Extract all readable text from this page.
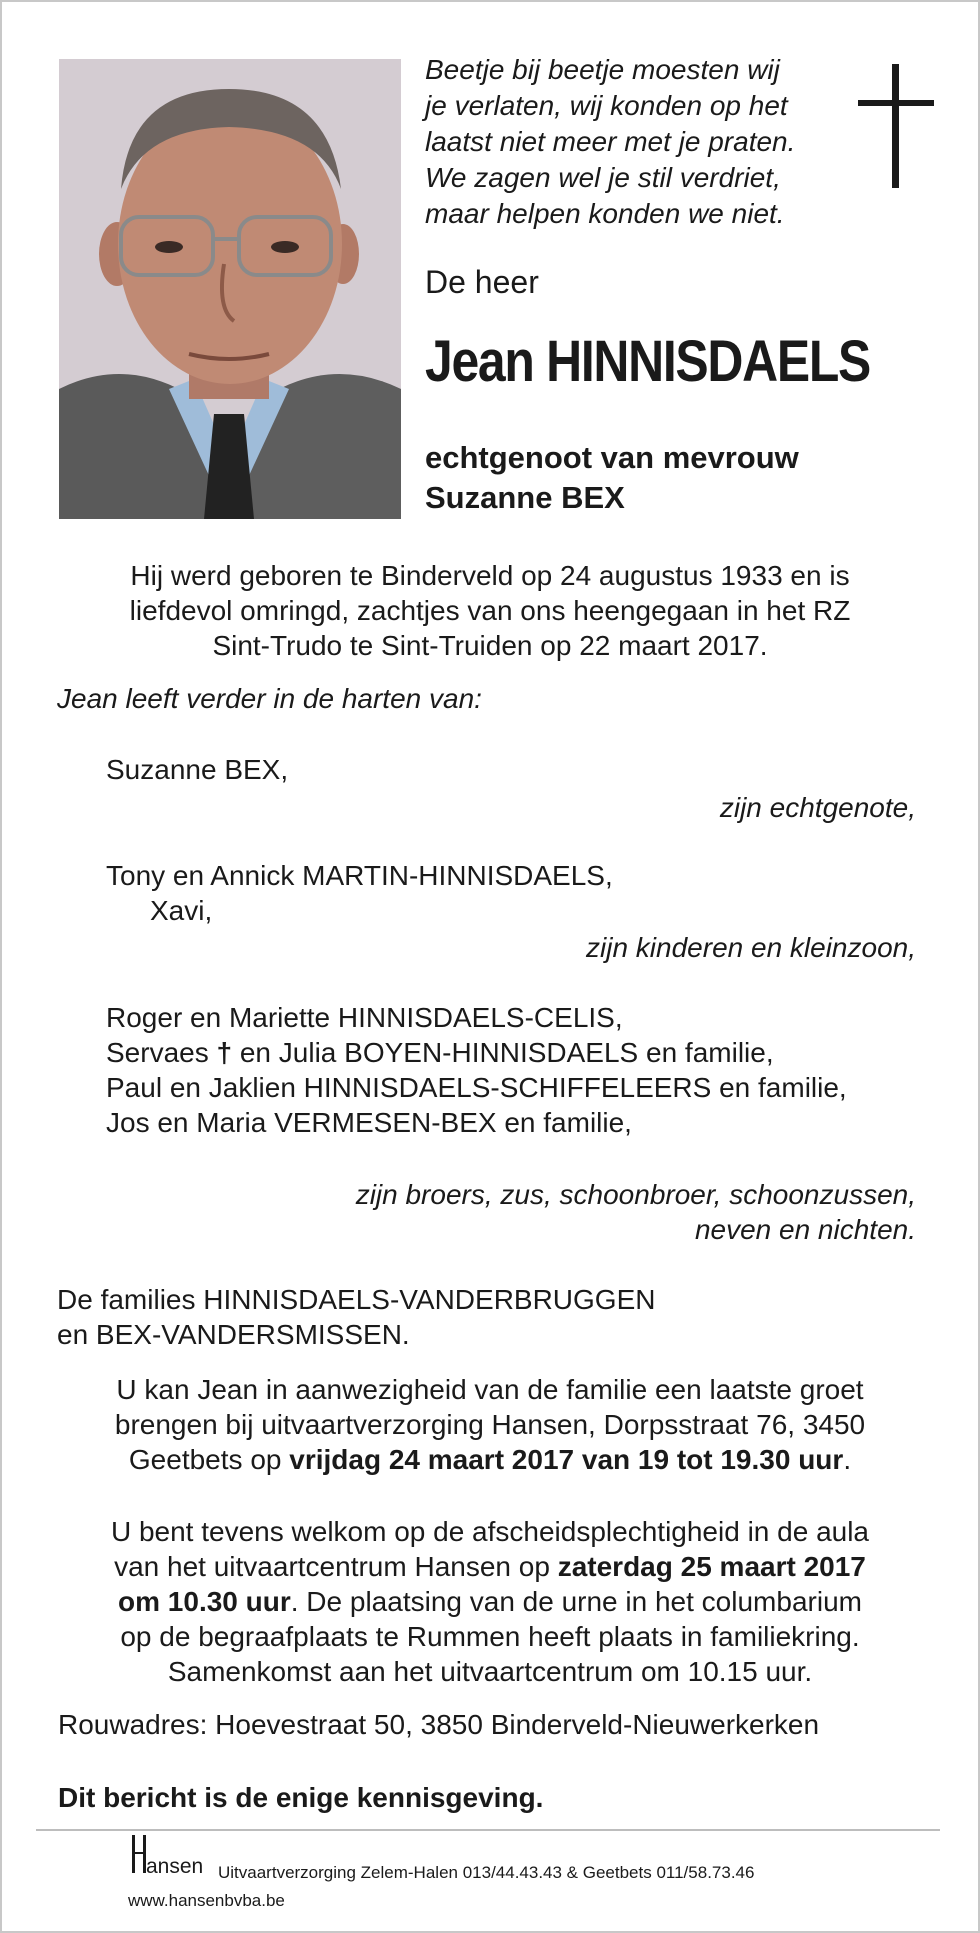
Beetje bij beetje moesten wij
je verlaten, wij konden op het
laatst niet meer met je praten.
We zagen wel je stil verdriet,
maar helpen konden we niet.
De heer
Jean HINNISDAELS
echtgenoot van mevrouw
Suzanne BEX
Hij werd geboren te Binderveld op 24 augustus 1933 en is
liefdevol omringd, zachtjes van ons heengegaan in het RZ
Sint-Trudo te Sint-Truiden op 22 maart 2017.
Jean leeft verder in de harten van:
Suzanne BEX,
zijn echtgenote,
Tony en Annick MARTIN-HINNISDAELS,
Xavi,
zijn kinderen en kleinzoon,
Roger en Mariette HINNISDAELS-CELIS,
Servaes † en Julia BOYEN-HINNISDAELS en familie,
Paul en Jaklien HINNISDAELS-SCHIFFELEERS en familie,
Jos en Maria VERMESEN-BEX en familie,
zijn broers, zus, schoonbroer, schoonzussen,
neven en nichten.
De families HINNISDAELS-VANDERBRUGGEN
en BEX-VANDERSMISSEN.
U kan Jean in aanwezigheid van de familie een laatste groet
brengen bij uitvaartverzorging Hansen, Dorpsstraat 76, 3450
Geetbets op vrijdag 24 maart 2017 van 19 tot 19.30 uur.
U bent tevens welkom op de afscheidsplechtigheid in de aula
van het uitvaartcentrum Hansen op zaterdag 25 maart 2017
om 10.30 uur. De plaatsing van de urne in het columbarium
op de begraafplaats te Rummen heeft plaats in familiekring.
Samenkomst aan het uitvaartcentrum om 10.15 uur.
Rouwadres: Hoevestraat 50, 3850 Binderveld-Nieuwerkerken
Dit bericht is de enige kennisgeving.
ansen Uitvaartverzorging Zelem-Halen 013/44.43.43 & Geetbets 011/58.73.46
www.hansenbvba.be
